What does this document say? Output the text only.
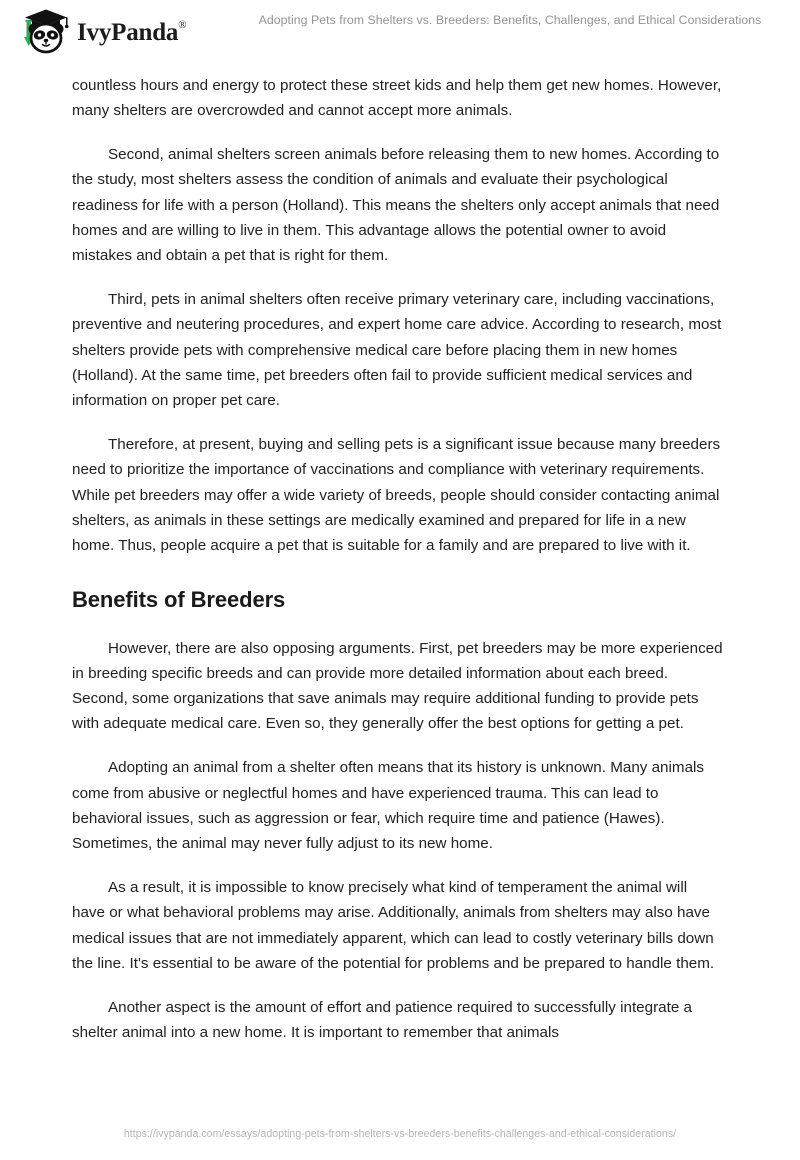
IvyPanda®	Adopting Pets from Shelters vs. Breeders: Benefits, Challenges, and Ethical Considerations

countless hours and energy to protect these street kids and help them get new homes. However, many shelters are overcrowded and cannot accept more animals.

Second, animal shelters screen animals before releasing them to new homes. According to the study, most shelters assess the condition of animals and evaluate their psychological readiness for life with a person (Holland). This means the shelters only accept animals that need homes and are willing to live in them. This advantage allows the potential owner to avoid mistakes and obtain a pet that is right for them.

Third, pets in animal shelters often receive primary veterinary care, including vaccinations, preventive and neutering procedures, and expert home care advice. According to research, most shelters provide pets with comprehensive medical care before placing them in new homes (Holland). At the same time, pet breeders often fail to provide sufficient medical services and information on proper pet care.

Therefore, at present, buying and selling pets is a significant issue because many breeders need to prioritize the importance of vaccinations and compliance with veterinary requirements. While pet breeders may offer a wide variety of breeds, people should consider contacting animal shelters, as animals in these settings are medically examined and prepared for life in a new home. Thus, people acquire a pet that is suitable for a family and are prepared to live with it.

Benefits of Breeders

However, there are also opposing arguments. First, pet breeders may be more experienced in breeding specific breeds and can provide more detailed information about each breed. Second, some organizations that save animals may require additional funding to provide pets with adequate medical care. Even so, they generally offer the best options for getting a pet.

Adopting an animal from a shelter often means that its history is unknown. Many animals come from abusive or neglectful homes and have experienced trauma. This can lead to behavioral issues, such as aggression or fear, which require time and patience (Hawes). Sometimes, the animal may never fully adjust to its new home.

As a result, it is impossible to know precisely what kind of temperament the animal will have or what behavioral problems may arise. Additionally, animals from shelters may also have medical issues that are not immediately apparent, which can lead to costly veterinary bills down the line. It's essential to be aware of the potential for problems and be prepared to handle them.

Another aspect is the amount of effort and patience required to successfully integrate a shelter animal into a new home. It is important to remember that animals

https://ivypanda.com/essays/adopting-pets-from-shelters-vs-breeders-benefits-challenges-and-ethical-considerations/
